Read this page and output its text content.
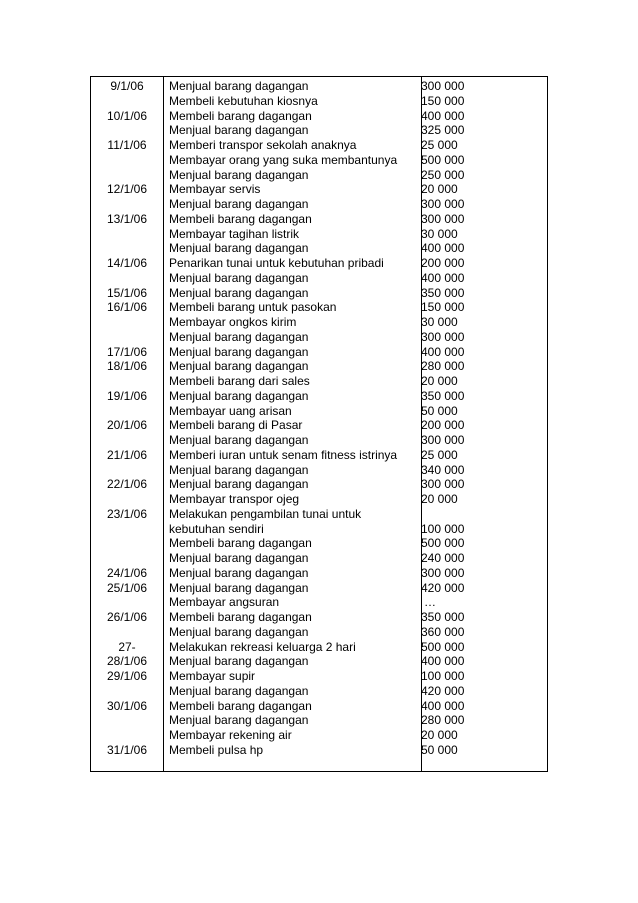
9/1/06	Menjual barang dagangan	300 000
Membeli kebutuhan kiosnya	150 000
10/1/06	Membeli barang dagangan	400 000
Menjual barang dagangan	325 000
11/1/06	Memberi transpor sekolah anaknya	25 000
Membayar orang yang suka membantunya	500 000
Menjual barang dagangan	250 000
12/1/06	Membayar servis	20 000
Menjual barang dagangan	300 000
13/1/06	Membeli barang dagangan	300 000
Membayar tagihan listrik	30 000
Menjual barang dagangan	400 000
14/1/06	Penarikan tunai untuk kebutuhan pribadi	200 000
Menjual barang dagangan	400 000
15/1/06	Menjual barang dagangan	350 000
16/1/06	Membeli barang untuk pasokan	150 000
Membayar ongkos kirim	30 000
Menjual barang dagangan	300 000
17/1/06	Menjual barang dagangan	400 000
18/1/06	Menjual barang dagangan	280 000
Membeli barang dari sales	20 000
19/1/06	Menjual barang dagangan	350 000
Membayar uang arisan	50 000
20/1/06	Membeli barang di Pasar	200 000
Menjual barang dagangan	300 000
21/1/06	Memberi iuran untuk senam fitness istrinya	25 000
Menjual barang dagangan	340 000
22/1/06	Menjual barang dagangan	300 000
Membayar transpor ojeg	20 000
23/1/06	Melakukan pengambilan tunai untuk
kebutuhan sendiri	100 000
Membeli barang dagangan	500 000
Menjual barang dagangan	240 000
24/1/06	Menjual barang dagangan	300 000
25/1/06	Menjual barang dagangan	420 000
Membayar angsuran	…
26/1/06	Membeli barang dagangan	350 000
Menjual barang dagangan	360 000
27-	Melakukan rekreasi keluarga 2 hari	500 000
28/1/06	Menjual barang dagangan	400 000
29/1/06	Membayar supir	100 000
Menjual barang dagangan	420 000
30/1/06	Membeli barang dagangan	400 000
Menjual barang dagangan	280 000
Membayar rekening air	20 000
31/1/06	Membeli pulsa hp	50 000
